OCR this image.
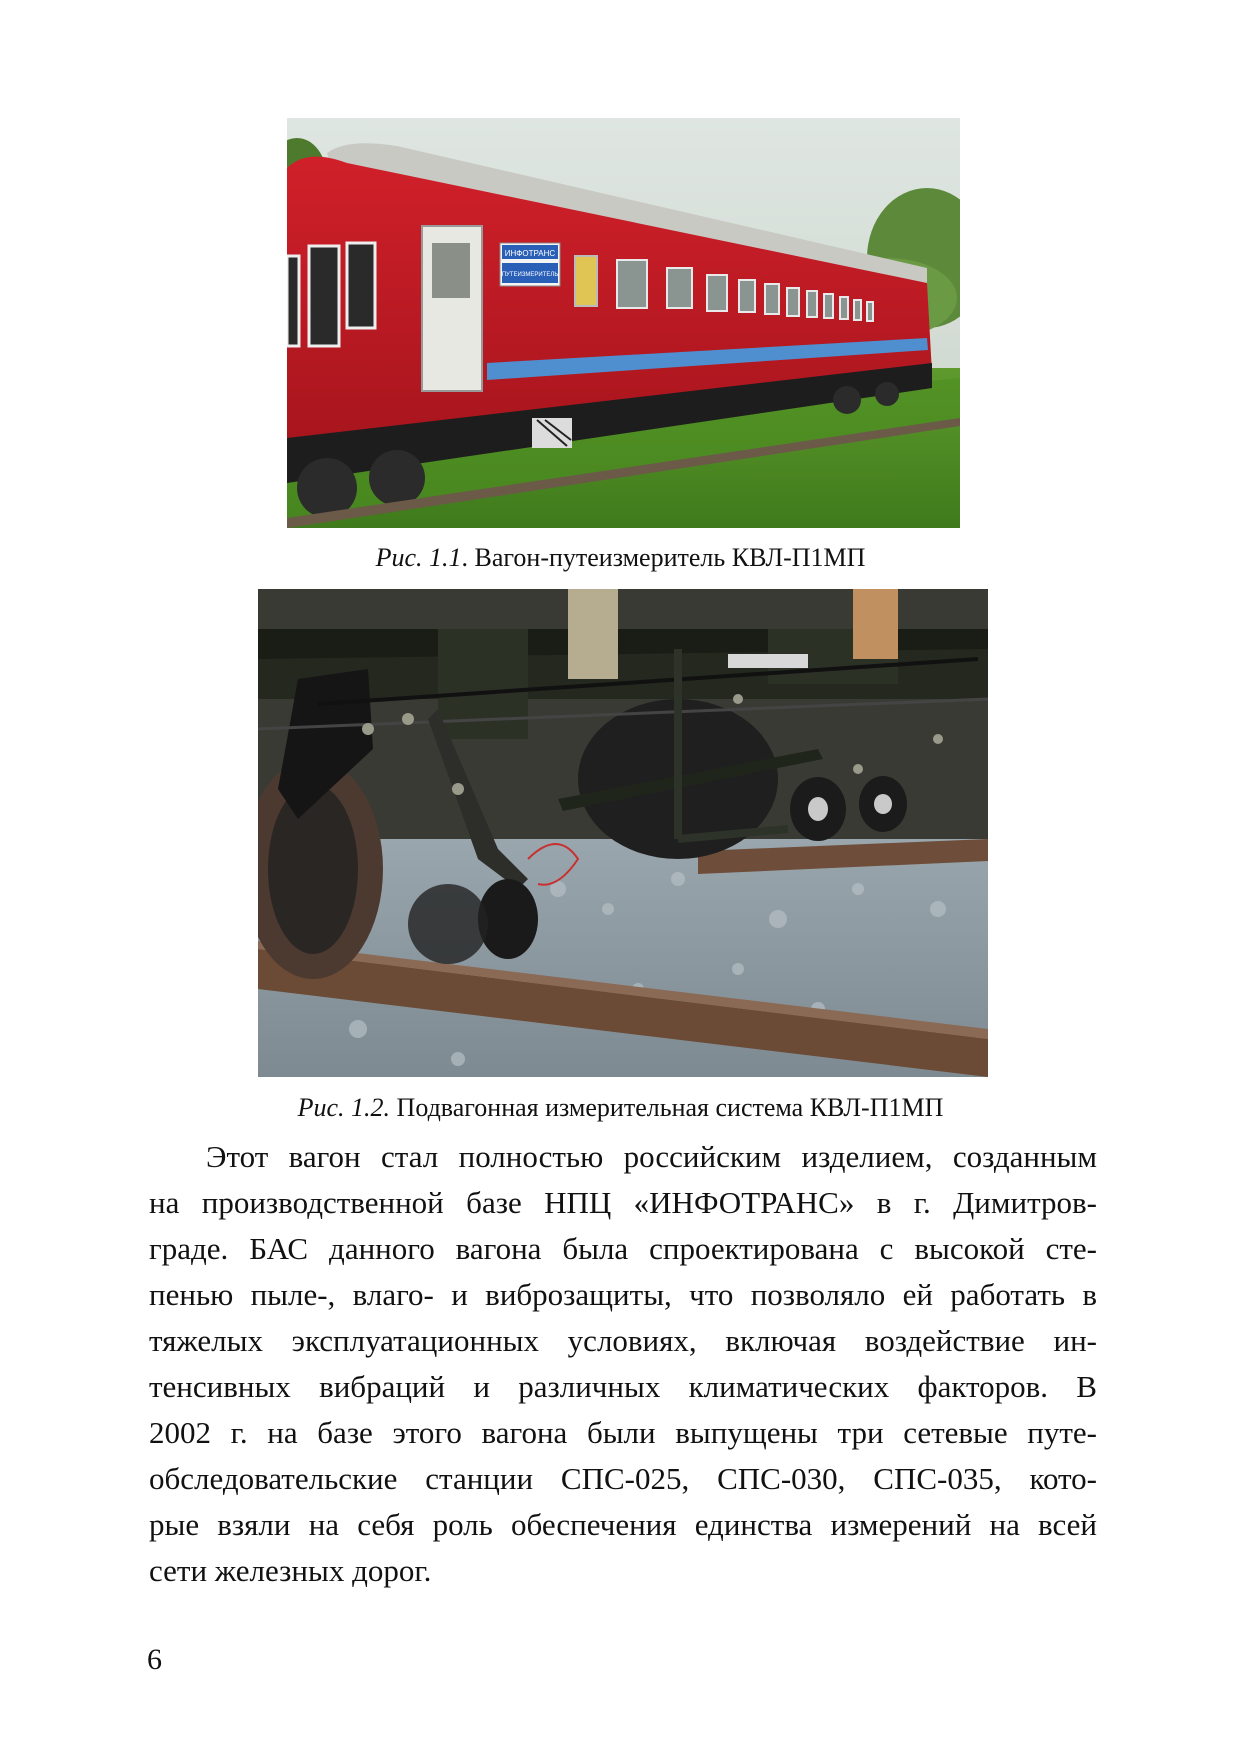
ИНФОТРАНС
ПУТЕИЗМЕРИТЕЛЬ
Рис. 1.1. Вагон-путеизмеритель КВЛ-П1МП
Рис. 1.2. Подвагонная измерительная система КВЛ-П1МП
Этот вагон стал полностью российским изделием, созданным
на производственной базе НПЦ «ИНФОТРАНС» в г. Димитров-
граде. БАС данного вагона была спроектирована с высокой сте-
пенью пыле-, влаго- и виброзащиты, что позволяло ей работать в
тяжелых эксплуатационных условиях, включая воздействие ин-
тенсивных вибраций и различных климатических факторов. В
2002 г. на базе этого вагона были выпущены три сетевые путе-
обследовательские станции СПС-025, СПС-030, СПС-035, кото-
рые взяли на себя роль обеспечения единства измерений на всей
сети железных дорог.
6
